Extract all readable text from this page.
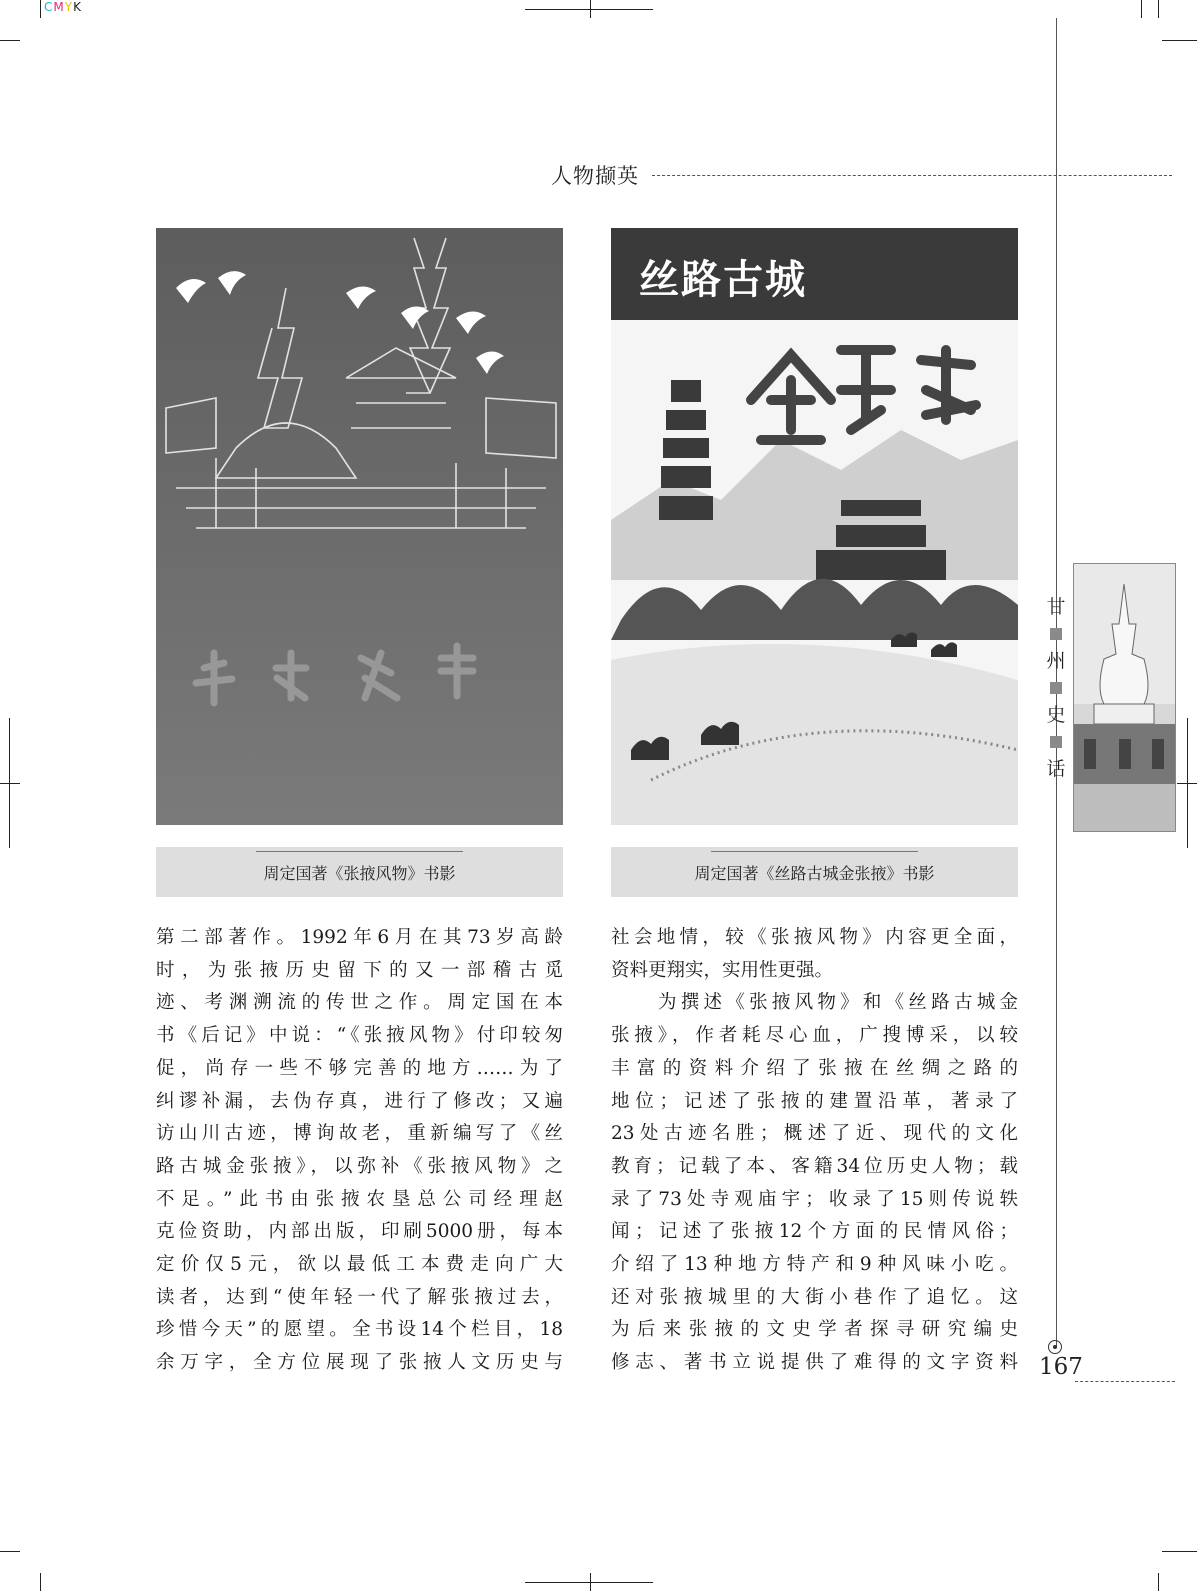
CMYK
人物撷英
丝路古城
周定国著《张掖风物》书影	周定国著《丝路古城金张掖》书影

第二部著作。1992年6月在其73岁高龄

时，为张掖历史留下的又一部稽古觅

迹、考渊溯流的传世之作。周定国在本

书《后记》中说：“《张掖风物》付印较匆

促，尚存一些不够完善的地方……为了

纠谬补漏，去伪存真，进行了修改；又遍

访山川古迹，博询故老，重新编写了《丝

路古城金张掖》，以弥补《张掖风物》之

不足。”此书由张掖农垦总公司经理赵

克俭资助，内部出版，印刷5000册，每本

定价仅5元，欲以最低工本费走向广大

读者，达到“使年轻一代了解张掖过去，

珍惜今天”的愿望。全书设14个栏目，18

余万字，全方位展现了张掖人文历史与

社会地情，较《张掖风物》内容更全面，

资料更翔实，实用性更强。

为撰述《张掖风物》和《丝路古城金

张掖》，作者耗尽心血，广搜博采，以较

丰富的资料介绍了张掖在丝绸之路的

地位；记述了张掖的建置沿革，著录了

23处古迹名胜；概述了近、现代的文化

教育；记载了本、客籍34位历史人物；载

录了73处寺观庙宇；收录了15则传说轶

闻；记述了张掖12个方面的民情风俗；

介绍了13种地方特产和9种风味小吃。

还对张掖城里的大街小巷作了追忆。这

为后来张掖的文史学者探寻研究编史

修志、著书立说提供了难得的文字资料

甘
州
史
话
167
